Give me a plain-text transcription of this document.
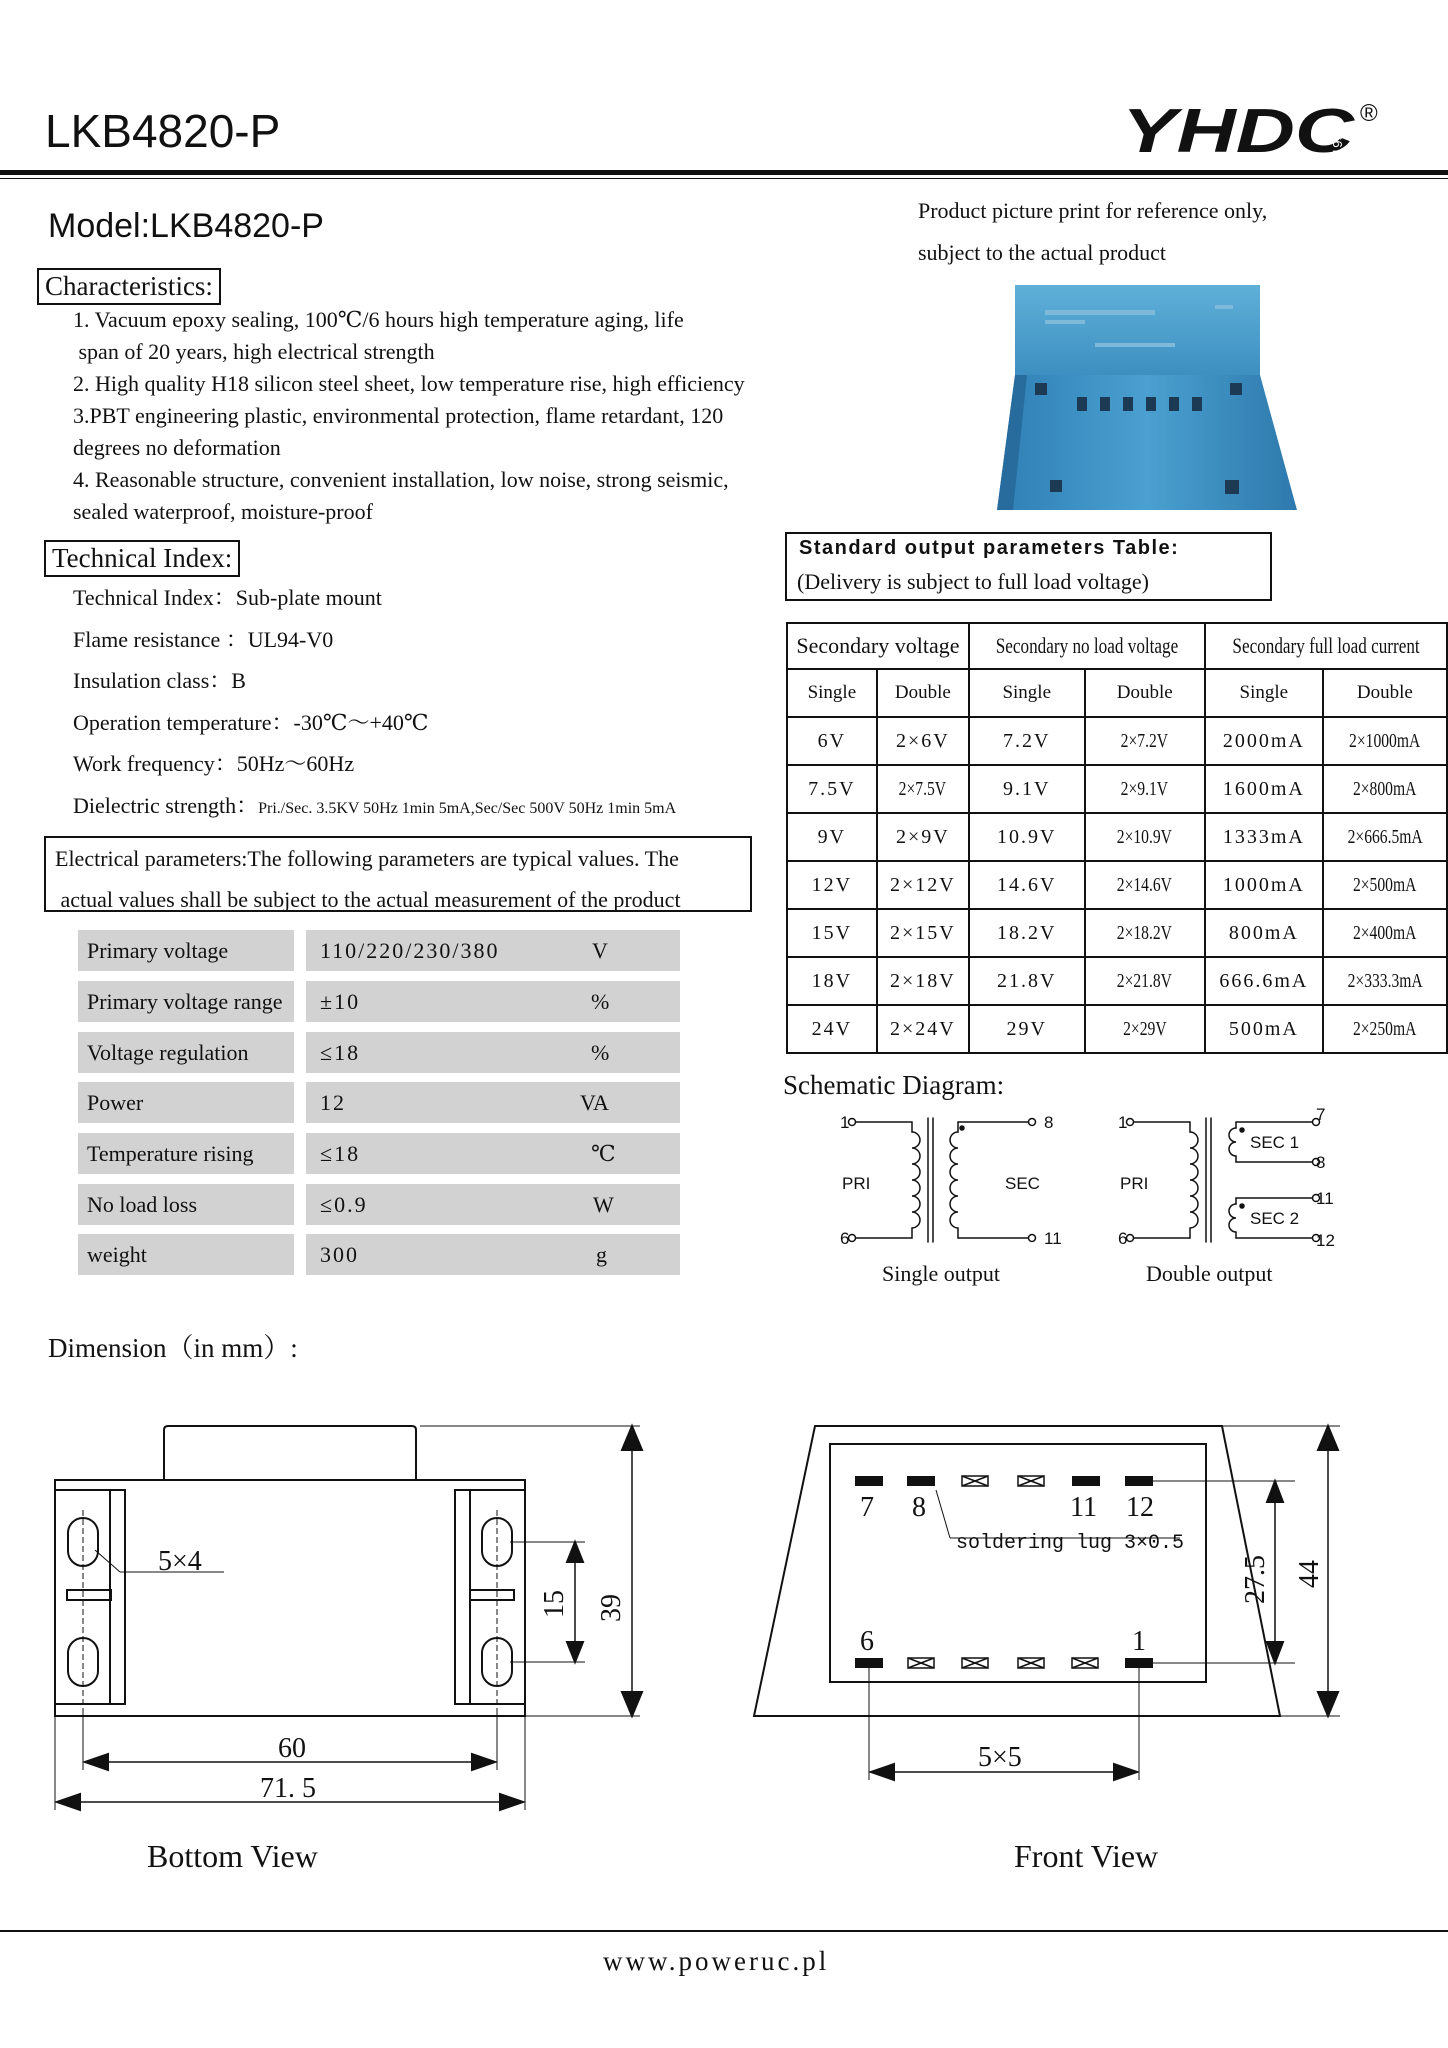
LKB4820-P	YHDC
1992
®
Model:LKB4820-P
Characteristics:
1. Vacuum epoxy sealing, 100℃/6 hours high temperature aging, life
span of 20 years, high electrical strength
2. High quality H18 silicon steel sheet, low temperature rise, high efficiency
3.PBT engineering plastic, environmental protection, flame retardant, 120
degrees no deformation
4. Reasonable structure, convenient installation, low noise, strong seismic,
sealed waterproof, moisture-proof
Technical Index:
Technical Index：Sub-plate mount
Flame resistance ：UL94-V0
Insulation class：B
Operation temperature：-30℃～+40℃
Work frequency：50Hz～60Hz
Dielectric strength：Pri./Sec. 3.5KV 50Hz 1min 5mA,Sec/Sec 500V 50Hz 1min 5mA
Electrical parameters:The following parameters are typical values. The
actual values shall be subject to the actual measurement of the product
Primary voltage	110/220/230/380	V
Primary voltage range ±10	%
Voltage regulation	≤18	%
Power	12	VA
Temperature rising	≤18	℃
No load loss	≤0.9	W
weight	300	g
Product picture print for reference only,
subject to the actual product
Standard output parameters Table:
(Delivery is subject to full load voltage)
Secondary voltage		Secondary no load voltage		Secondary full load current	
Single	Double	Single	Double	Single	Double
6V	2×6V	7.2V	2×7.2V	2000mA	2×1000mA
7.5V	2×7.5V	9.1V	2×9.1V	1600mA	2×800mA
9V	2×9V	10.9V	2×10.9V	1333mA	2×666.5mA
12V	2×12V	14.6V	2×14.6V	1000mA	2×500mA
15V	2×15V	18.2V	2×18.2V	800mA	2×400mA
18V	2×18V	21.8V	2×21.8V	666.6mA	2×333.3mA
24V	2×24V	29V	2×29V	500mA	2×250mA
Schematic Diagram:
1
6
8
11
PRI	SEC
1
6
7
8
11
12
PRI
SEC 1
SEC 2
Single output	Double output
Dimension（in mm）:
5×4
60
71. 5
15 39
7 8	11 12
6	1
soldering lug 3×0.5
5×5
27.5 44
Bottom View	Front View
www.poweruc.pl
